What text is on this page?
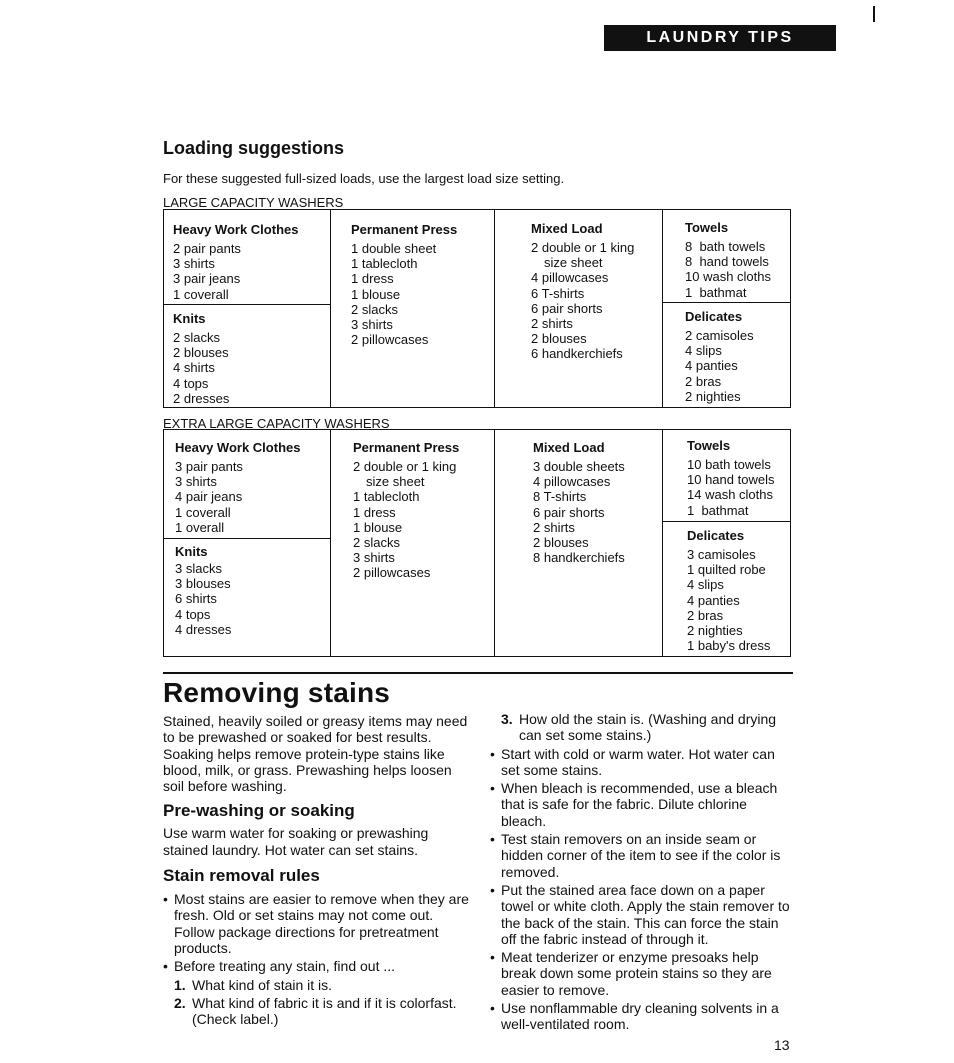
LAUNDRY TIPS
Loading suggestions
For these suggested full-sized loads, use the largest load size setting.
LARGE CAPACITY WASHERS
Heavy Work Clothes
2 pair pants
3 shirts
3 pair jeans
1 coverall
Knits
2 slacks
2 blouses
4 shirts
4 tops
2 dresses
Permanent Press
1 double sheet
1 tablecloth
1 dress
1 blouse
2 slacks
3 shirts
2 pillowcases
Mixed Load
2 double or 1 king
size sheet
4 pillowcases
6 T-shirts
6 pair shorts
2 shirts
2 blouses
6 handkerchiefs
Towels
8  bath towels
8  hand towels
10 wash cloths
1  bathmat
Delicates
2 camisoles
4 slips
4 panties
2 bras
2 nighties
EXTRA LARGE CAPACITY WASHERS
Heavy Work Clothes
3 pair pants
3 shirts
4 pair jeans
1 coverall
1 overall
Knits
3 slacks
3 blouses
6 shirts
4 tops
4 dresses
Permanent Press
2 double or 1 king
size sheet
1 tablecloth
1 dress
1 blouse
2 slacks
3 shirts
2 pillowcases
Mixed Load
3 double sheets
4 pillowcases
8 T-shirts
6 pair shorts
2 shirts
2 blouses
8 handkerchiefs
Towels
10 bath towels
10 hand towels
14 wash cloths
1  bathmat
Delicates
3 camisoles
1 quilted robe
4 slips
4 panties
2 bras
2 nighties
1 baby's dress
Removing stains
Stained, heavily soiled or greasy items may need to be prewashed or soaked for best results. Soaking helps remove protein-type stains like blood, milk, or grass. Prewashing helps loosen soil before washing.
Pre-washing or soaking
Use warm water for soaking or prewashing stained laundry. Hot water can set stains.
Stain removal rules
• Most stains are easier to remove when they are fresh. Old or set stains may not come out. Follow package directions for pretreatment products.
• Before treating any stain, find out ...
1. What kind of stain it is.
2. What kind of fabric it is and if it is colorfast. (Check label.)
3. How old the stain is. (Washing and drying can set some stains.)
• Start with cold or warm water. Hot water can set some stains.
• When bleach is recommended, use a bleach that is safe for the fabric. Dilute chlorine bleach.
• Test stain removers on an inside seam or hidden corner of the item to see if the color is removed.
• Put the stained area face down on a paper towel or white cloth. Apply the stain remover to the back of the stain. This can force the stain off the fabric instead of through it.
• Meat tenderizer or enzyme presoaks help break down some protein stains so they are easier to remove.
• Use nonflammable dry cleaning solvents in a well-ventilated room.
13
